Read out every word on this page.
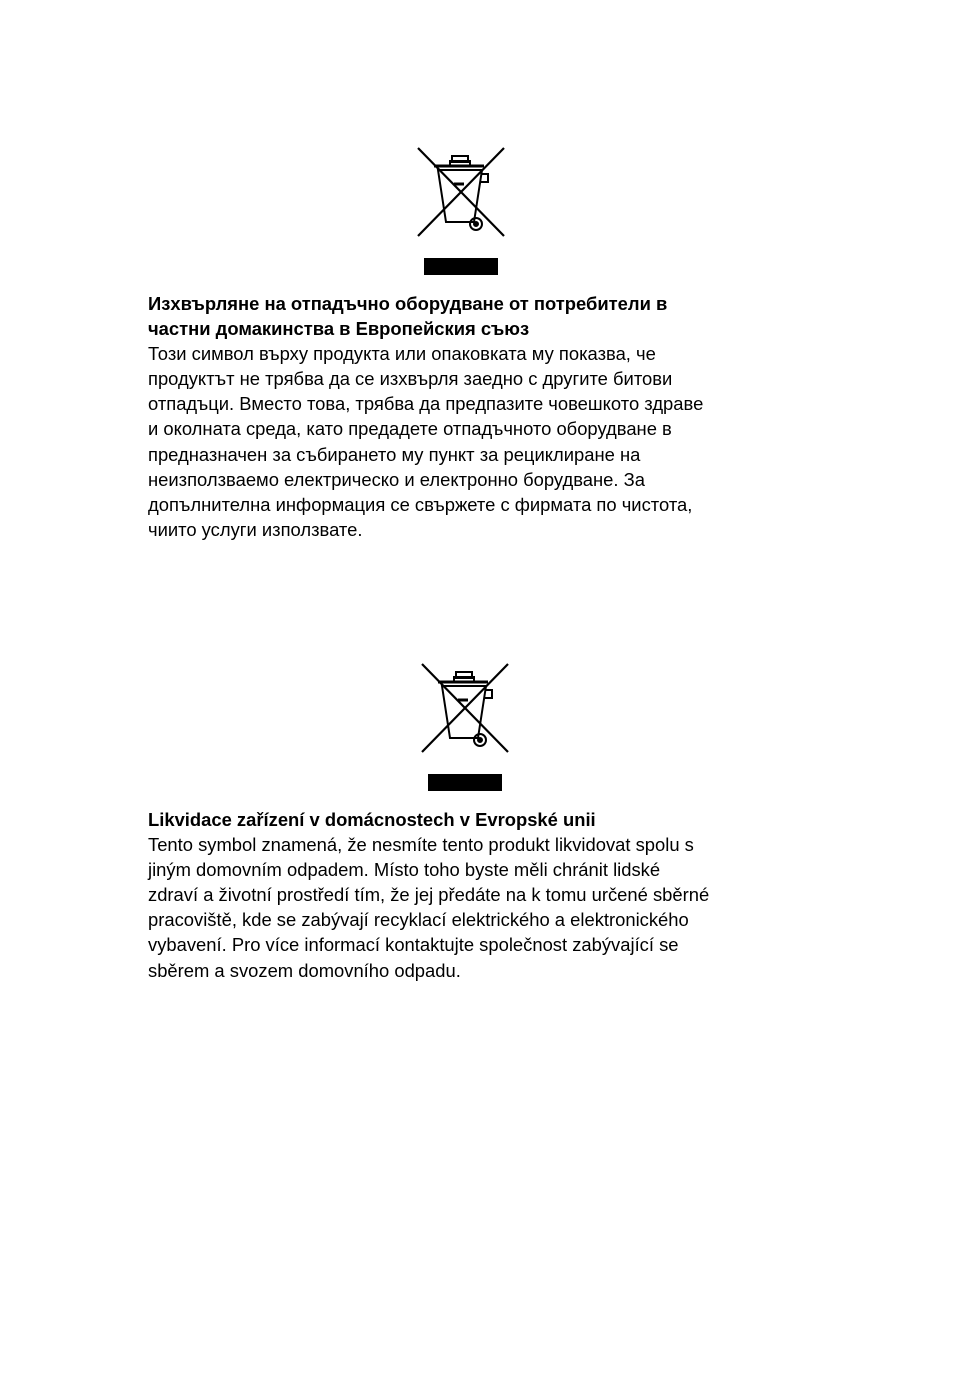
Изхвърляне на отпадъчно оборудване от потребители в
частни домакинства в Европейския съюз
Този символ върху продукта или опаковката му показва, че
продуктът не трябва да се изхвърля заедно с другите битови
отпадъци. Вместо това, трябва да предпазите човешкото здраве
и околната среда, като предадете отпадъчното оборудване в
предназначен за събирането му пункт за рециклиране на
неизползваемо електрическо и електронно борудване. За
допълнителна информация се свържете с фирмата по чистота,
чиито услуги използвате.
Likvidace zařízení v domácnostech v Evropské unii
Tento symbol znamená, že nesmíte tento produkt likvidovat spolu s
jiným domovním odpadem. Místo toho byste měli chránit lidské
zdraví a životní prostředí tím, že jej předáte na k tomu určené sběrné
pracoviště, kde se zabývají recyklací elektrického a elektronického
vybavení. Pro více informací kontaktujte společnost zabývající se
sběrem a svozem domovního odpadu.
